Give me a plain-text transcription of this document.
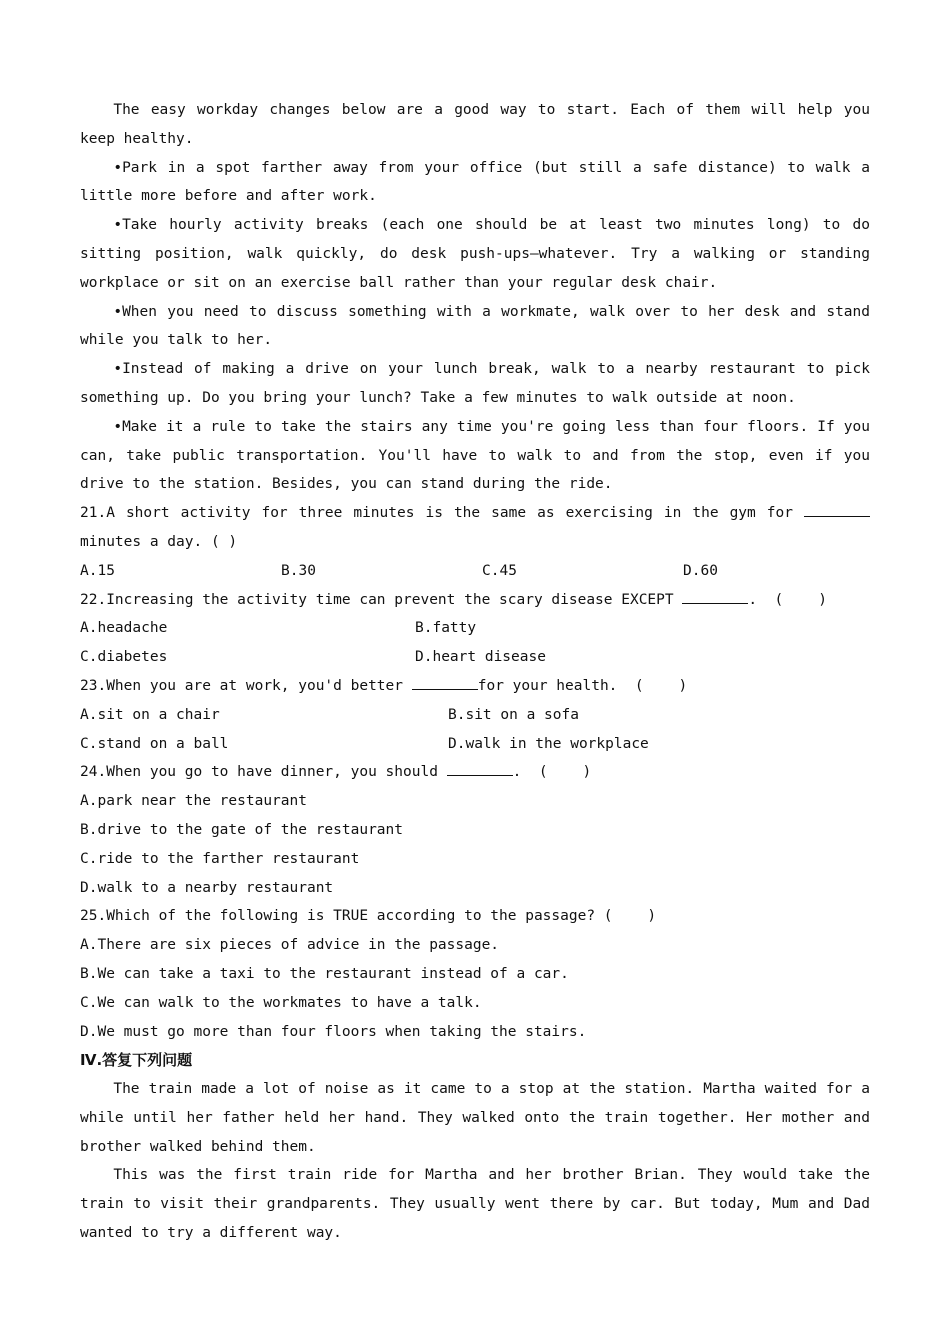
The easy workday changes below are a good way to start. Each of them will help you keep healthy.

•Park in a spot farther away from your office (but still a safe distance) to walk a little more before and after work.

•Take hourly activity breaks (each one should be at least two minutes long) to do sitting position, walk quickly, do desk push-ups—whatever. Try a walking or standing workplace or sit on an exercise ball rather than your regular desk chair.

•When you need to discuss something with a workmate, walk over to her desk and stand while you talk to her.

•Instead of making a drive on your lunch break, walk to a nearby restaurant to pick something up. Do you bring your lunch? Take a few minutes to walk outside at noon.

•Make it a rule to take the stairs any time you're going less than four floors. If you can, take public transportation. You'll have to walk to and from the stop, even if you drive to the station. Besides, you can stand during the ride.

21.A short activity for three minutes is the same as exercising in the gym for minutes a day. ( )

A.15	B.30	C.45	D.60

22.Increasing the activity time can prevent the scary disease EXCEPT	.  (    )

A.headache	B.fatty
C.diabetes	D.heart disease

23.When you are at work, you'd better	for your health.  (    )

A.sit on a chair	B.sit on a sofa
C.stand on a ball	D.walk in the workplace

24.When you go to have dinner, you should	.  (    )

A.park near the restaurant

B.drive to the gate of the restaurant

C.ride to the farther restaurant

D.walk to a nearby restaurant

25.Which of the following is TRUE according to the passage? (    )

A.There are six pieces of advice in the passage.

B.We can take a taxi to the restaurant instead of a car.

C.We can walk to the workmates to have a talk.

D.We must go more than four floors when taking the stairs.

Ⅳ.答复下列问题

The train made a lot of noise as it came to a stop at the station. Martha waited for a while until her father held her hand. They walked onto the train together. Her mother and brother walked behind them.

This was the first train ride for Martha and her brother Brian. They would take the train to visit their grandparents. They usually went there by car. But today, Mum and Dad wanted to try a different way.
